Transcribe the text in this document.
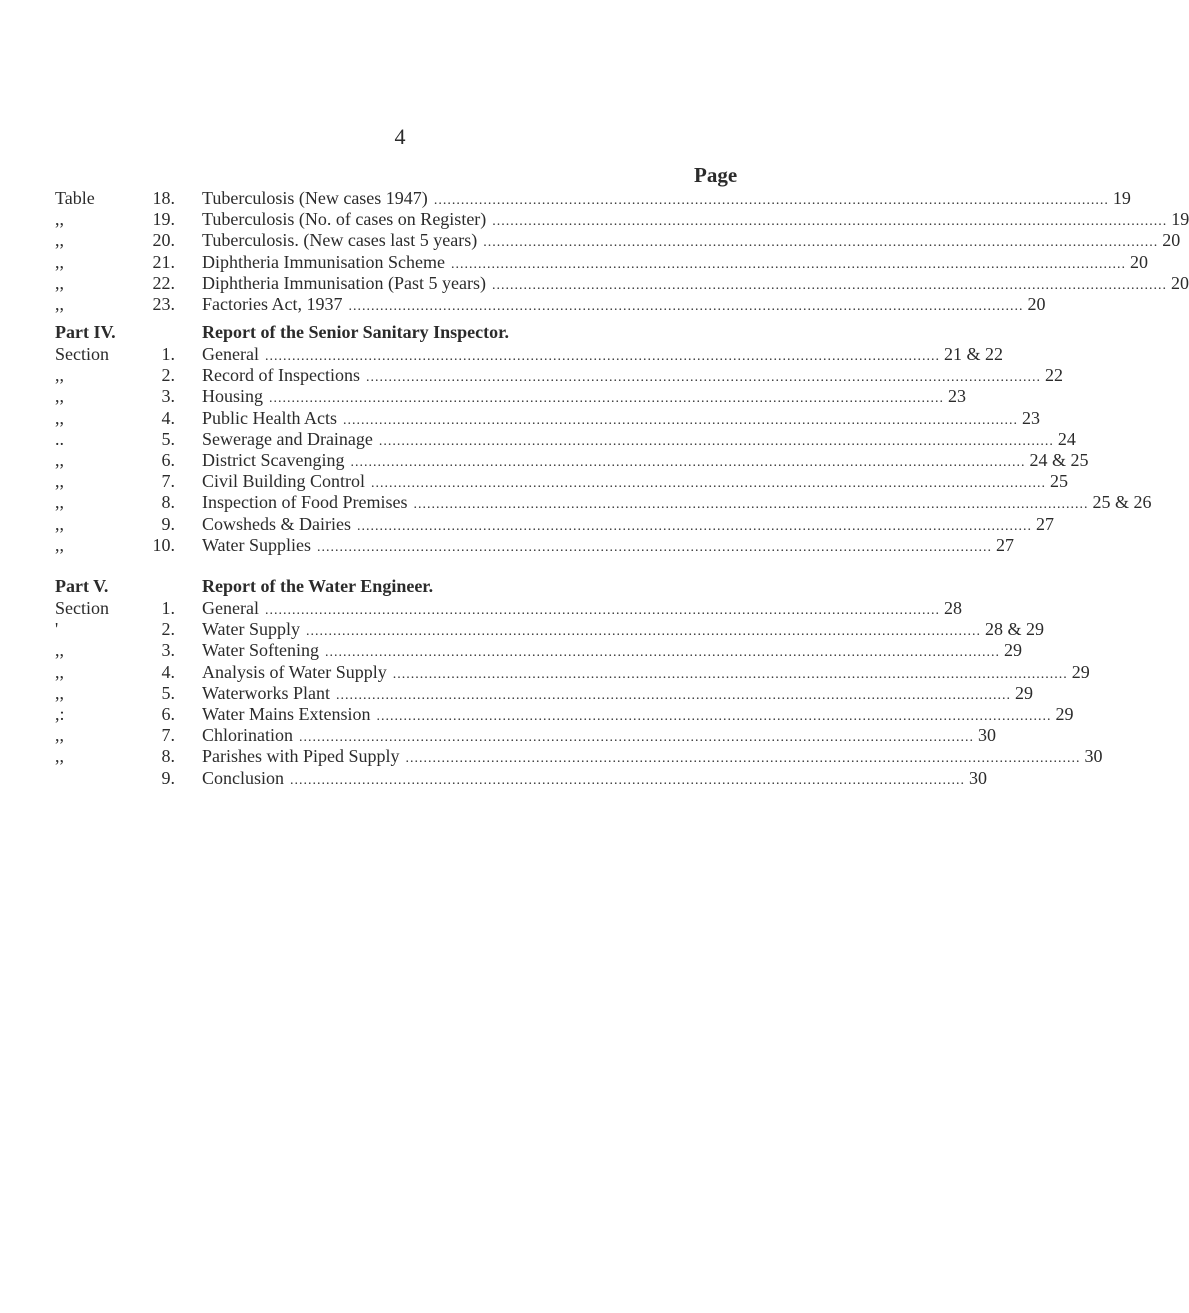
4
Page
Table	18. Tuberculosis (New cases 1947) ...................................................................................................................................................... 19
,,	19. Tuberculosis (No. of cases on Register) ...................................................................................................................................................... 19
,,	20. Tuberculosis. (New cases last 5 years) ...................................................................................................................................................... 20
,,	21. Diphtheria Immunisation Scheme ...................................................................................................................................................... 20
,,	22. Diphtheria Immunisation (Past 5 years) ...................................................................................................................................................... 20
,,	23. Factories Act, 1937 ...................................................................................................................................................... 20
Part IV.	Report of the Senior Sanitary Inspector.
Section	1. General ...................................................................................................................................................... 21 & 22
,,	2. Record of Inspections ...................................................................................................................................................... 22
,,	3. Housing ...................................................................................................................................................... 23
,,	4. Public Health Acts ...................................................................................................................................................... 23
..	5. Sewerage and Drainage ...................................................................................................................................................... 24
,,	6. District Scavenging ...................................................................................................................................................... 24 & 25
,,	7. Civil Building Control ...................................................................................................................................................... 25
,,	8. Inspection of Food Premises ...................................................................................................................................................... 25 & 26
,,	9. Cowsheds & Dairies ...................................................................................................................................................... 27
,,	10. Water Supplies ...................................................................................................................................................... 27
Part V.	Report of the Water Engineer.
Section	1. General ...................................................................................................................................................... 28
'	2. Water Supply ...................................................................................................................................................... 28 & 29
,,	3. Water Softening ...................................................................................................................................................... 29
,,	4. Analysis of Water Supply ...................................................................................................................................................... 29
,,	5. Waterworks Plant ...................................................................................................................................................... 29
,:	6. Water Mains Extension ...................................................................................................................................................... 29
,,	7. Chlorination ...................................................................................................................................................... 30
,,	8. Parishes with Piped Supply ...................................................................................................................................................... 30
9. Conclusion ...................................................................................................................................................... 30
